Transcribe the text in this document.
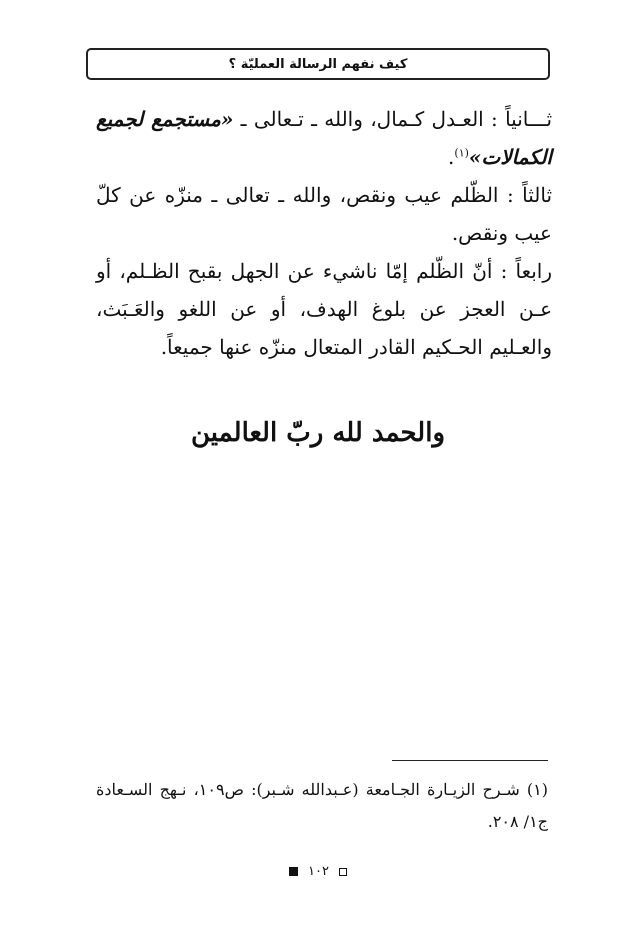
كيف نفهم الرسالة العمليّة ؟

ثـــانياً : العـدل كـمال، والله ـ تـعالى ـ «مستجمع لجميع الكمالات»$^{(١)}$.

ثالثاً : الظّلم عيب ونقص، والله ـ تعالى ـ منزّه عن كلّ عيب ونقص.

رابعاً : أنّ الظّلم إمّا ناشيء عن الجهل بقبح الظـلم، أو عـن العجز عن بلوغ الهدف، أو عن اللغو والعَـبَث، والعـليم الحـكيم القادر المتعال منزّه عنها جميعاً.

والحمد لله ربّ العالمين

(١) شـرح الزيـارة الجـامعة (عـبدالله شـبر): ص١٠٩، نـهج السـعادة ج١/ ٢٠٨.

١٠٢
